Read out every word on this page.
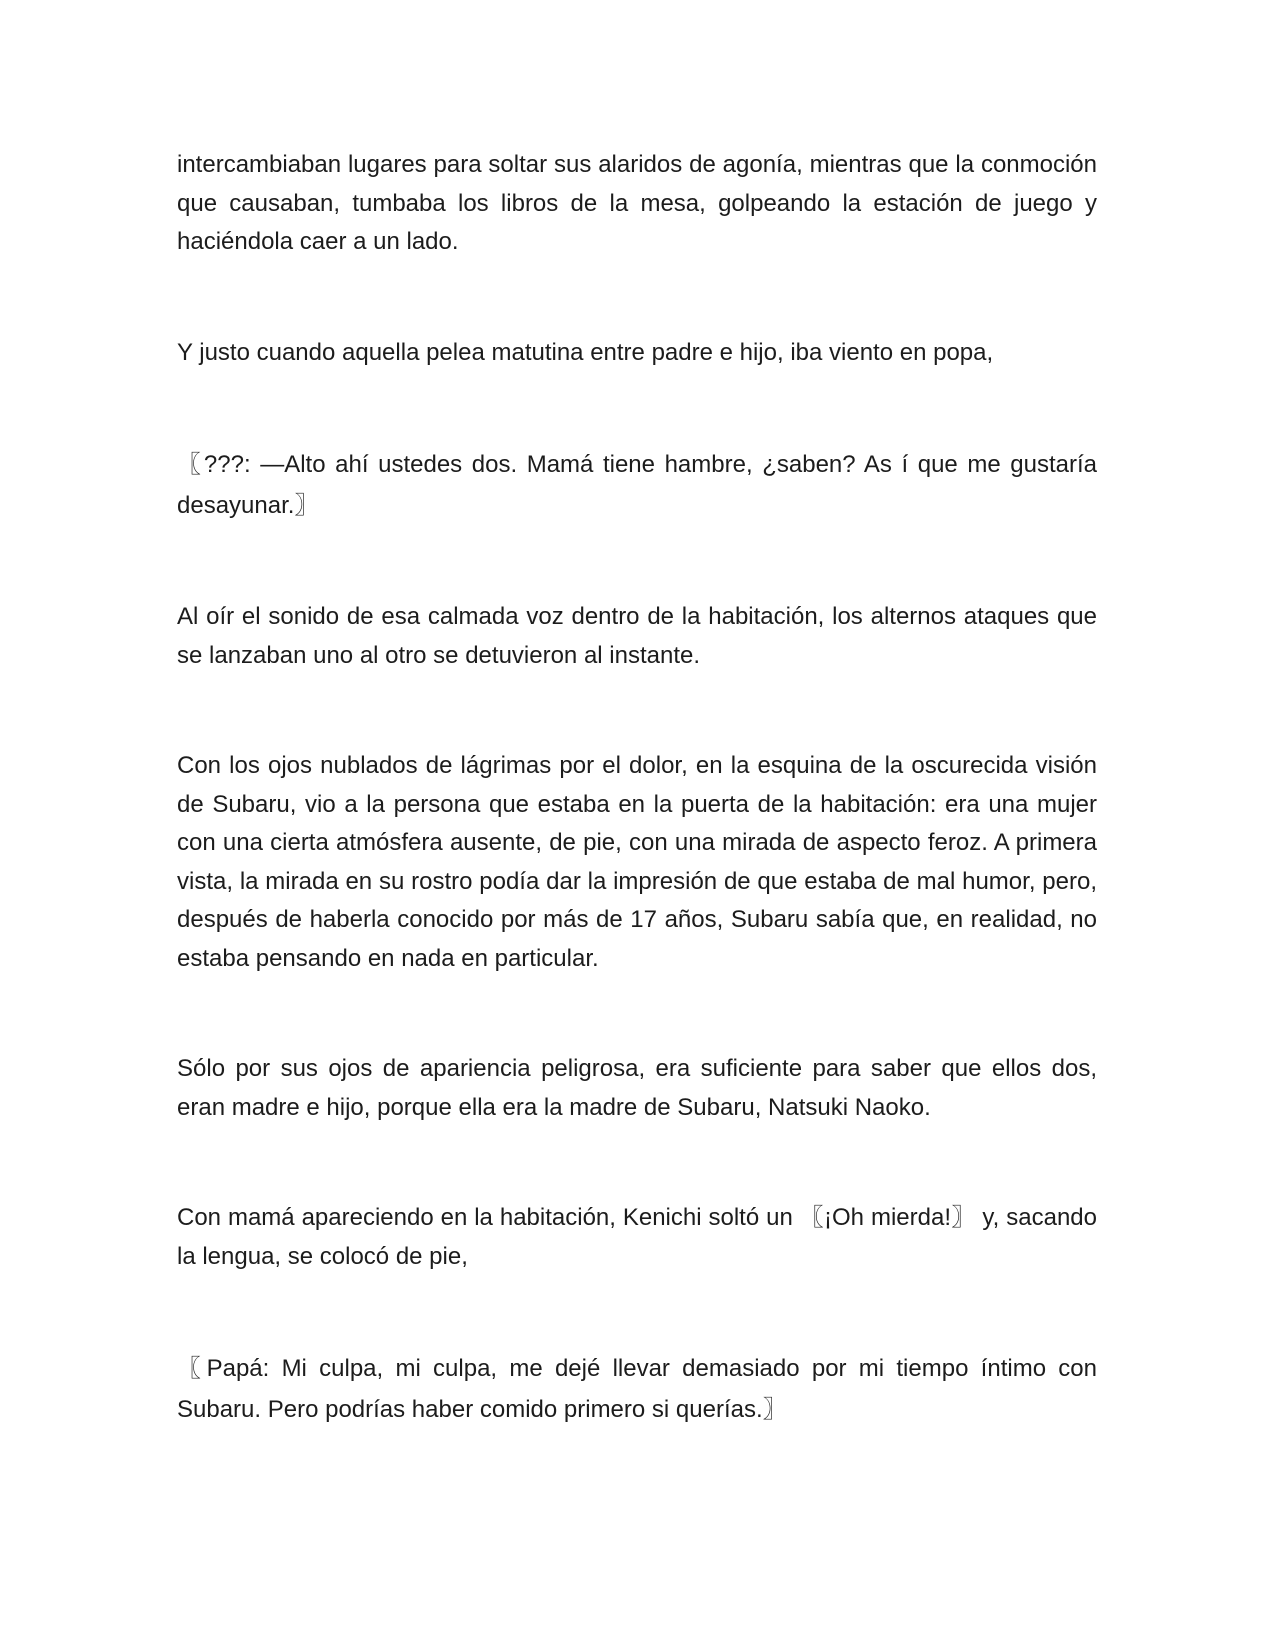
intercambiaban lugares para soltar sus alaridos de agonía, mientras que la conmoción que causaban, tumbaba los libros de la mesa, golpeando la estación de juego y haciéndola caer a un lado.

Y justo cuando aquella pelea matutina entre padre e hijo, iba viento en popa,

〖???: —Alto ahí ustedes dos. Mamá tiene hambre, ¿saben? As í que me gustaría desayunar.〗

Al oír el sonido de esa calmada voz dentro de la habitación, los alternos ataques que se lanzaban uno al otro se detuvieron al instante.

Con los ojos nublados de lágrimas por el dolor, en la esquina de la oscurecida visión de Subaru, vio a la persona que estaba en la puerta de la habitación: era una mujer con una cierta atmósfera ausente, de pie, con una mirada de aspecto feroz. A primera vista, la mirada en su rostro podía dar la impresión de que estaba de mal humor, pero, después de haberla conocido por más de 17 años, Subaru sabía que, en realidad, no estaba pensando en nada en particular.

Sólo por sus ojos de apariencia peligrosa, era suficiente para saber que ellos dos, eran madre e hijo, porque ella era la madre de Subaru, Natsuki Naoko.

Con mamá apareciendo en la habitación, Kenichi soltó un 〖¡Oh mierda!〗 y, sacando la lengua, se colocó de pie,

〖Papá: Mi culpa, mi culpa, me dejé llevar demasiado por mi tiempo íntimo con Subaru. Pero podrías haber comido primero si querías.〗
